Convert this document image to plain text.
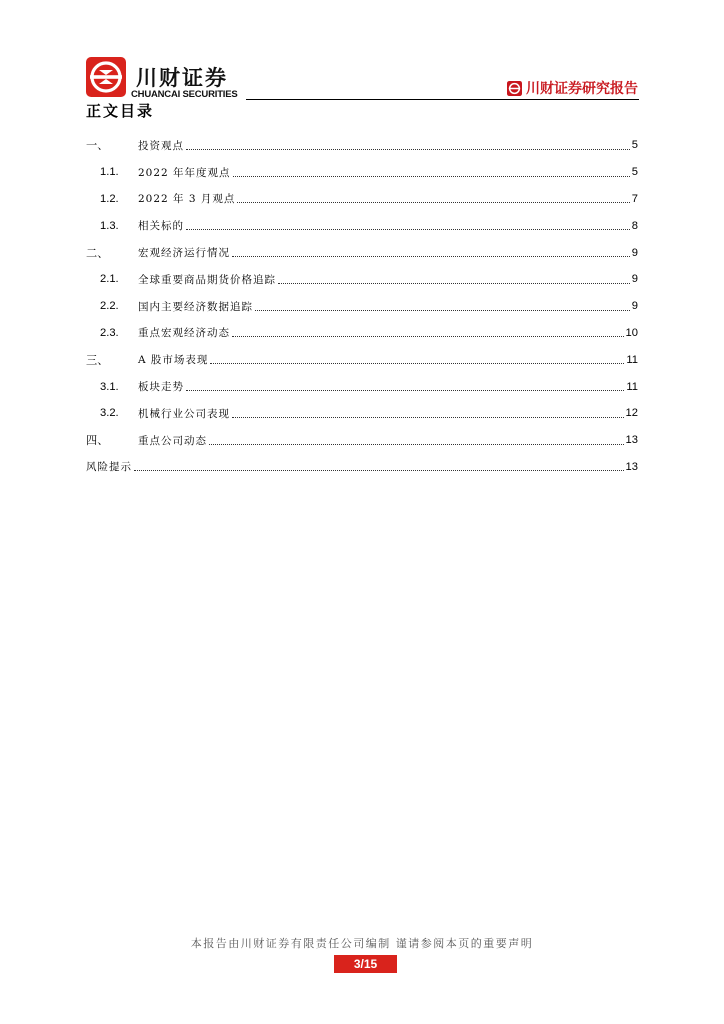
川财证券
CHUANCAI SECURITIES	川财证券研究报告
正文目录
一、	投资观点	5
1.1.	2022 年年度观点	5
1.2.	2022 年 3 月观点	7
1.3.	相关标的	8
二、	宏观经济运行情况	9
2.1.	全球重要商品期货价格追踪	9
2.2.	国内主要经济数据追踪	9
2.3.	重点宏观经济动态	10
三、	A 股市场表现	11
3.1.	板块走势	11
3.2.	机械行业公司表现	12
四、	重点公司动态	13
风险提示	13
本报告由川财证券有限责任公司编制 谨请参阅本页的重要声明
3/15
